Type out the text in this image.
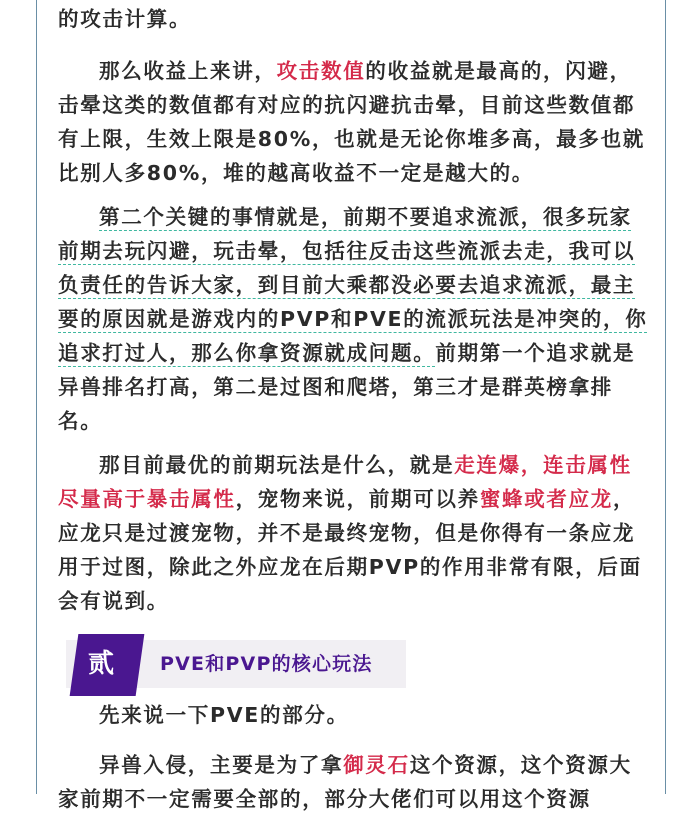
的攻击计算。

那么收益上来讲，攻击数值的收益就是最高的，闪避，击晕这类的数值都有对应的抗闪避抗击晕，目前这些数值都有上限，生效上限是80%，也就是无论你堆多高，最多也就比别人多80%，堆的越高收益不一定是越大的。

第二个关键的事情就是，前期不要追求流派，很多玩家前期去玩闪避，玩击晕，包括往反击这些流派去走，我可以负责任的告诉大家，到目前大乘都没必要去追求流派，最主要的原因就是游戏内的PVP和PVE的流派玩法是冲突的，你追求打过人，那么你拿资源就成问题。前期第一个追求就是异兽排名打高，第二是过图和爬塔，第三才是群英榜拿排名。

那目前最优的前期玩法是什么，就是走连爆，连击属性尽量高于暴击属性，宠物来说，前期可以养蜜蜂或者应龙，应龙只是过渡宠物，并不是最终宠物，但是你得有一条应龙用于过图，除此之外应龙在后期PVP的作用非常有限，后面会有说到。

贰 PVE和PVP的核心玩法

先来说一下PVE的部分。

异兽入侵，主要是为了拿御灵石这个资源，这个资源大家前期不一定需要全部的，部分大佬们可以用这个资源
